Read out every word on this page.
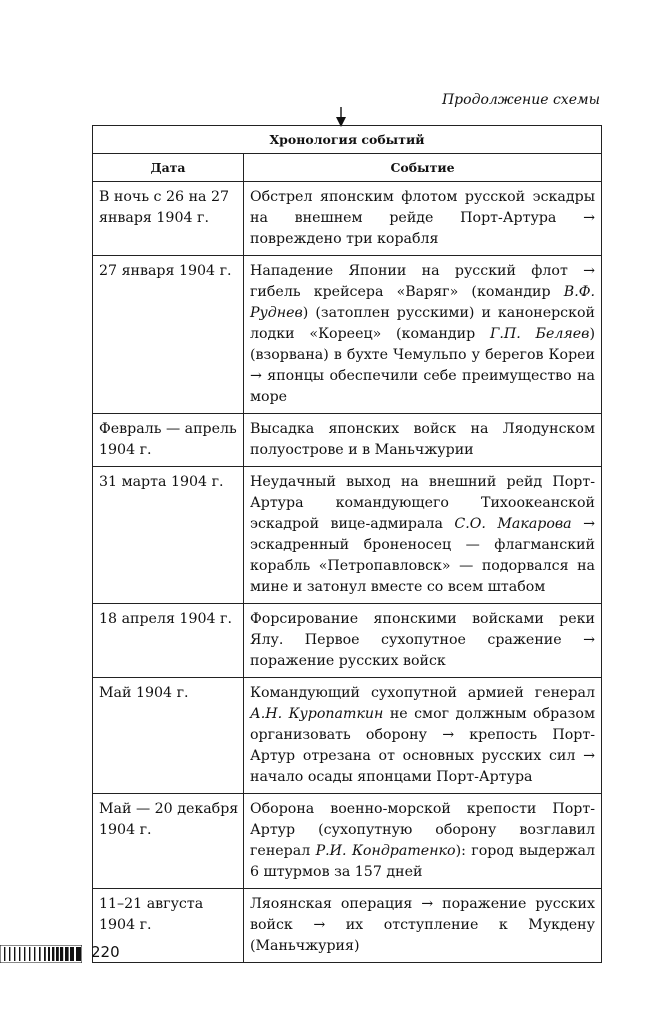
Продолжение схемы
Хронология событий	
Дата	Событие
В ночь с 26 на 27 января 1904 г.	Обстрел японским флотом русской эскадры на внешнем рейде Порт-Артура → повреждено три корабля
27 января 1904 г.	Нападение Японии на русский флот → гибель крейсера «Варяг» (командир В.Ф. Руднев) (затоплен русскими) и канонерской лодки «Кореец» (командир Г.П. Беляев) (взорвана) в бухте Чемульпо у берегов Кореи → японцы обеспечили себе преимущество на море
Февраль — апрель 1904 г.	Высадка японских войск на Ляодунском полуострове и в Маньчжурии
31 марта 1904 г.	Неудачный выход на внешний рейд Порт-Артура командующего Тихоокеанской эскадрой вице-адмирала С.О. Макарова → эскадренный броненосец — флагманский корабль «Петропавловск» — подорвался на мине и затонул вместе со всем штабом
18 апреля 1904 г.	Форсирование японскими войсками реки Ялу. Первое сухопутное сражение → поражение русских войск
Май 1904 г.	Командующий сухопутной армией генерал А.Н. Куропаткин не смог должным образом организовать оборону → крепость Порт-Артур отрезана от основных русских сил → начало осады японцами Порт-Артура
Май — 20 декабря 1904 г.	Оборона военно-морской крепости Порт-Артур (сухопутную оборону возглавил генерал Р.И. Кондратенко): город выдержал 6 штурмов за 157 дней
11–21 августа 1904 г.	Ляоянская операция → поражение русских войск → их отступление к Мукдену (Маньчжурия)
220
